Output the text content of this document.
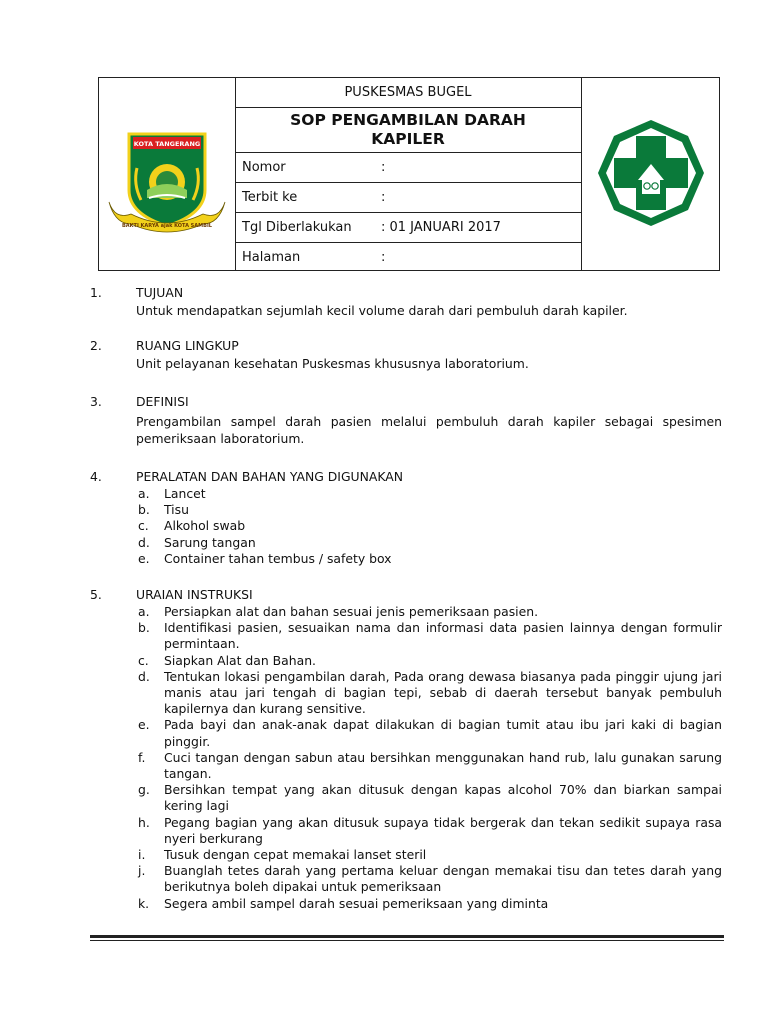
KOTA TANGERANG
BAKTI KARYA ajak KOTA SAMBIL
PUSKESMAS BUGEL
SOP PENGAMBILAN DARAH
KAPILER
Nomor	:
Terbit ke	:
Tgl Diberlakukan : 01 JANUARI 2017
Halaman	:
1.	TUJUAN
Untuk mendapatkan sejumlah kecil volume darah dari pembuluh darah kapiler.
2.	RUANG LINGKUP
Unit pelayanan kesehatan Puskesmas khususnya laboratorium.
3.	DEFINISI
Prengambilan sampel darah pasien melalui pembuluh darah kapiler sebagai spesimen pemeriksaan laboratorium.
4.	PERALATAN DAN BAHAN YANG DIGUNAKAN
a. Lancet
b. Tisu
c. Alkohol swab
d. Sarung tangan
e. Container tahan tembus / safety box
5.	URAIAN INSTRUKSI
a. Persiapkan alat dan bahan sesuai jenis pemeriksaan pasien.
b. Identifikasi pasien, sesuaikan nama dan informasi data pasien lainnya dengan formulir permintaan.
c. Siapkan Alat dan Bahan.
d. Tentukan lokasi pengambilan darah, Pada orang dewasa biasanya pada pinggir ujung jari manis atau jari tengah di bagian tepi, sebab di daerah tersebut banyak pembuluh kapilernya dan kurang sensitive.
e. Pada bayi dan anak-anak dapat dilakukan di bagian tumit atau ibu jari kaki di bagian pinggir.
f. Cuci tangan dengan sabun atau bersihkan menggunakan hand rub, lalu gunakan sarung tangan.
g. Bersihkan tempat yang akan ditusuk dengan kapas alcohol 70% dan biarkan sampai kering lagi
h. Pegang bagian yang akan ditusuk supaya tidak bergerak dan tekan sedikit supaya rasa nyeri berkurang
i. Tusuk dengan cepat memakai lanset steril
j. Buanglah tetes darah yang pertama keluar dengan memakai tisu dan tetes darah yang berikutnya boleh dipakai untuk pemeriksaan
k. Segera ambil sampel darah sesuai pemeriksaan yang diminta
